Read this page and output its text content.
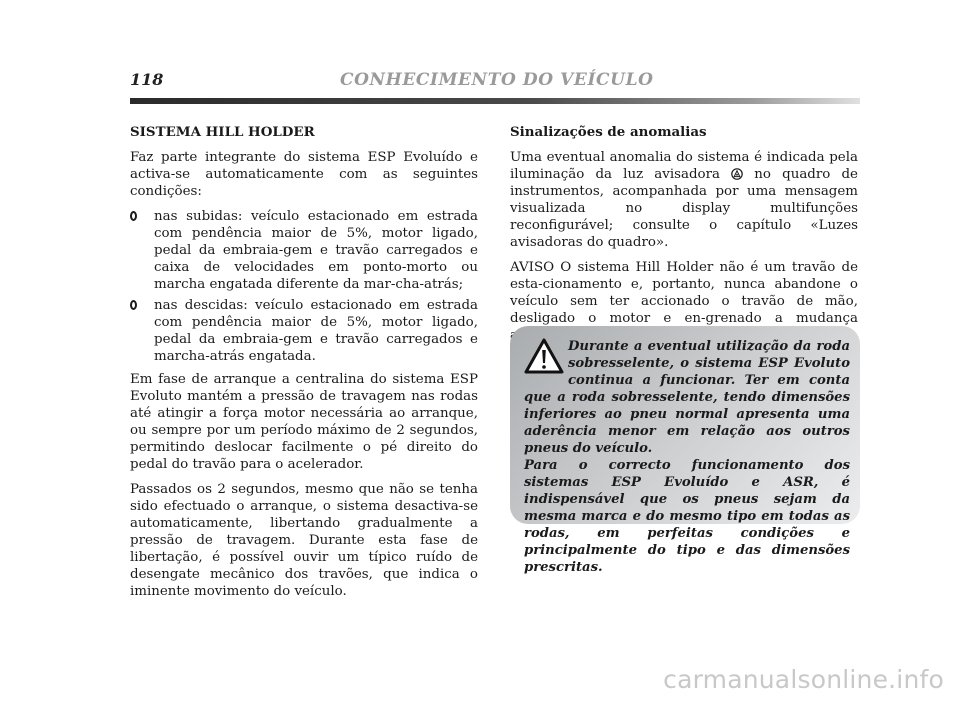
118	CONHECIMENTO DO VEÍCULO

SISTEMA HILL HOLDER

Faz parte integrante do sistema ESP Evoluído e activa-se automaticamente com as seguintes condições:

nas subidas: veículo estacionado em estrada com pendência maior de 5%, motor ligado, pedal da embraia-gem e travão carregados e caixa de velocidades em ponto-morto ou marcha engatada diferente da mar-cha-atrás;
nas descidas: veículo estacionado em estrada com pendência maior de 5%, motor ligado, pedal da embraia-gem e travão carregados e marcha-atrás engatada.

Em fase de arranque a centralina do sistema ESP Evoluto mantém a pressão de travagem nas rodas até atingir a força motor necessária ao arranque, ou sempre por um período máximo de 2 segundos, permitindo deslocar facilmente o pé direito do pedal do travão para o acelerador.

Passados os 2 segundos, mesmo que não se tenha sido efectuado o arranque, o sistema desactiva-se automaticamente, libertando gradualmente a pressão de travagem. Durante esta fase de libertação, é possível ouvir um típico ruído de desengate mecânico dos travões, que indica o iminente movimento do veículo.

Sinalizações de anomalias

Uma eventual anomalia do sistema é indicada pela iluminação da luz avisadora	no quadro de instrumentos, acompanhada por uma mensagem visualizada no display multifunções reconfigurável; consulte o capítulo «Luzes avisadoras do quadro».

AVISO O sistema Hill Holder não é um travão de esta-cionamento e, portanto, nunca abandone o veículo sem ter accionado o travão de mão, desligado o motor e en-grenado a mudança

Durante a eventual utilização da roda sobresselente, o sistema ESP Evoluto continua a funcionar. Ter em conta que a roda sobresselente, tendo dimensões inferiores ao pneu normal apresenta uma aderência menor em relação aos outros pneus do veículo.

Para o correcto funcionamento dos sistemas ESP Evoluído e ASR, é indispensável que os pneus sejam da mesma marca e do mesmo tipo em todas as rodas, em perfeitas condições e principalmente do tipo e das dimensões prescritas.

carmanualsonline.info
